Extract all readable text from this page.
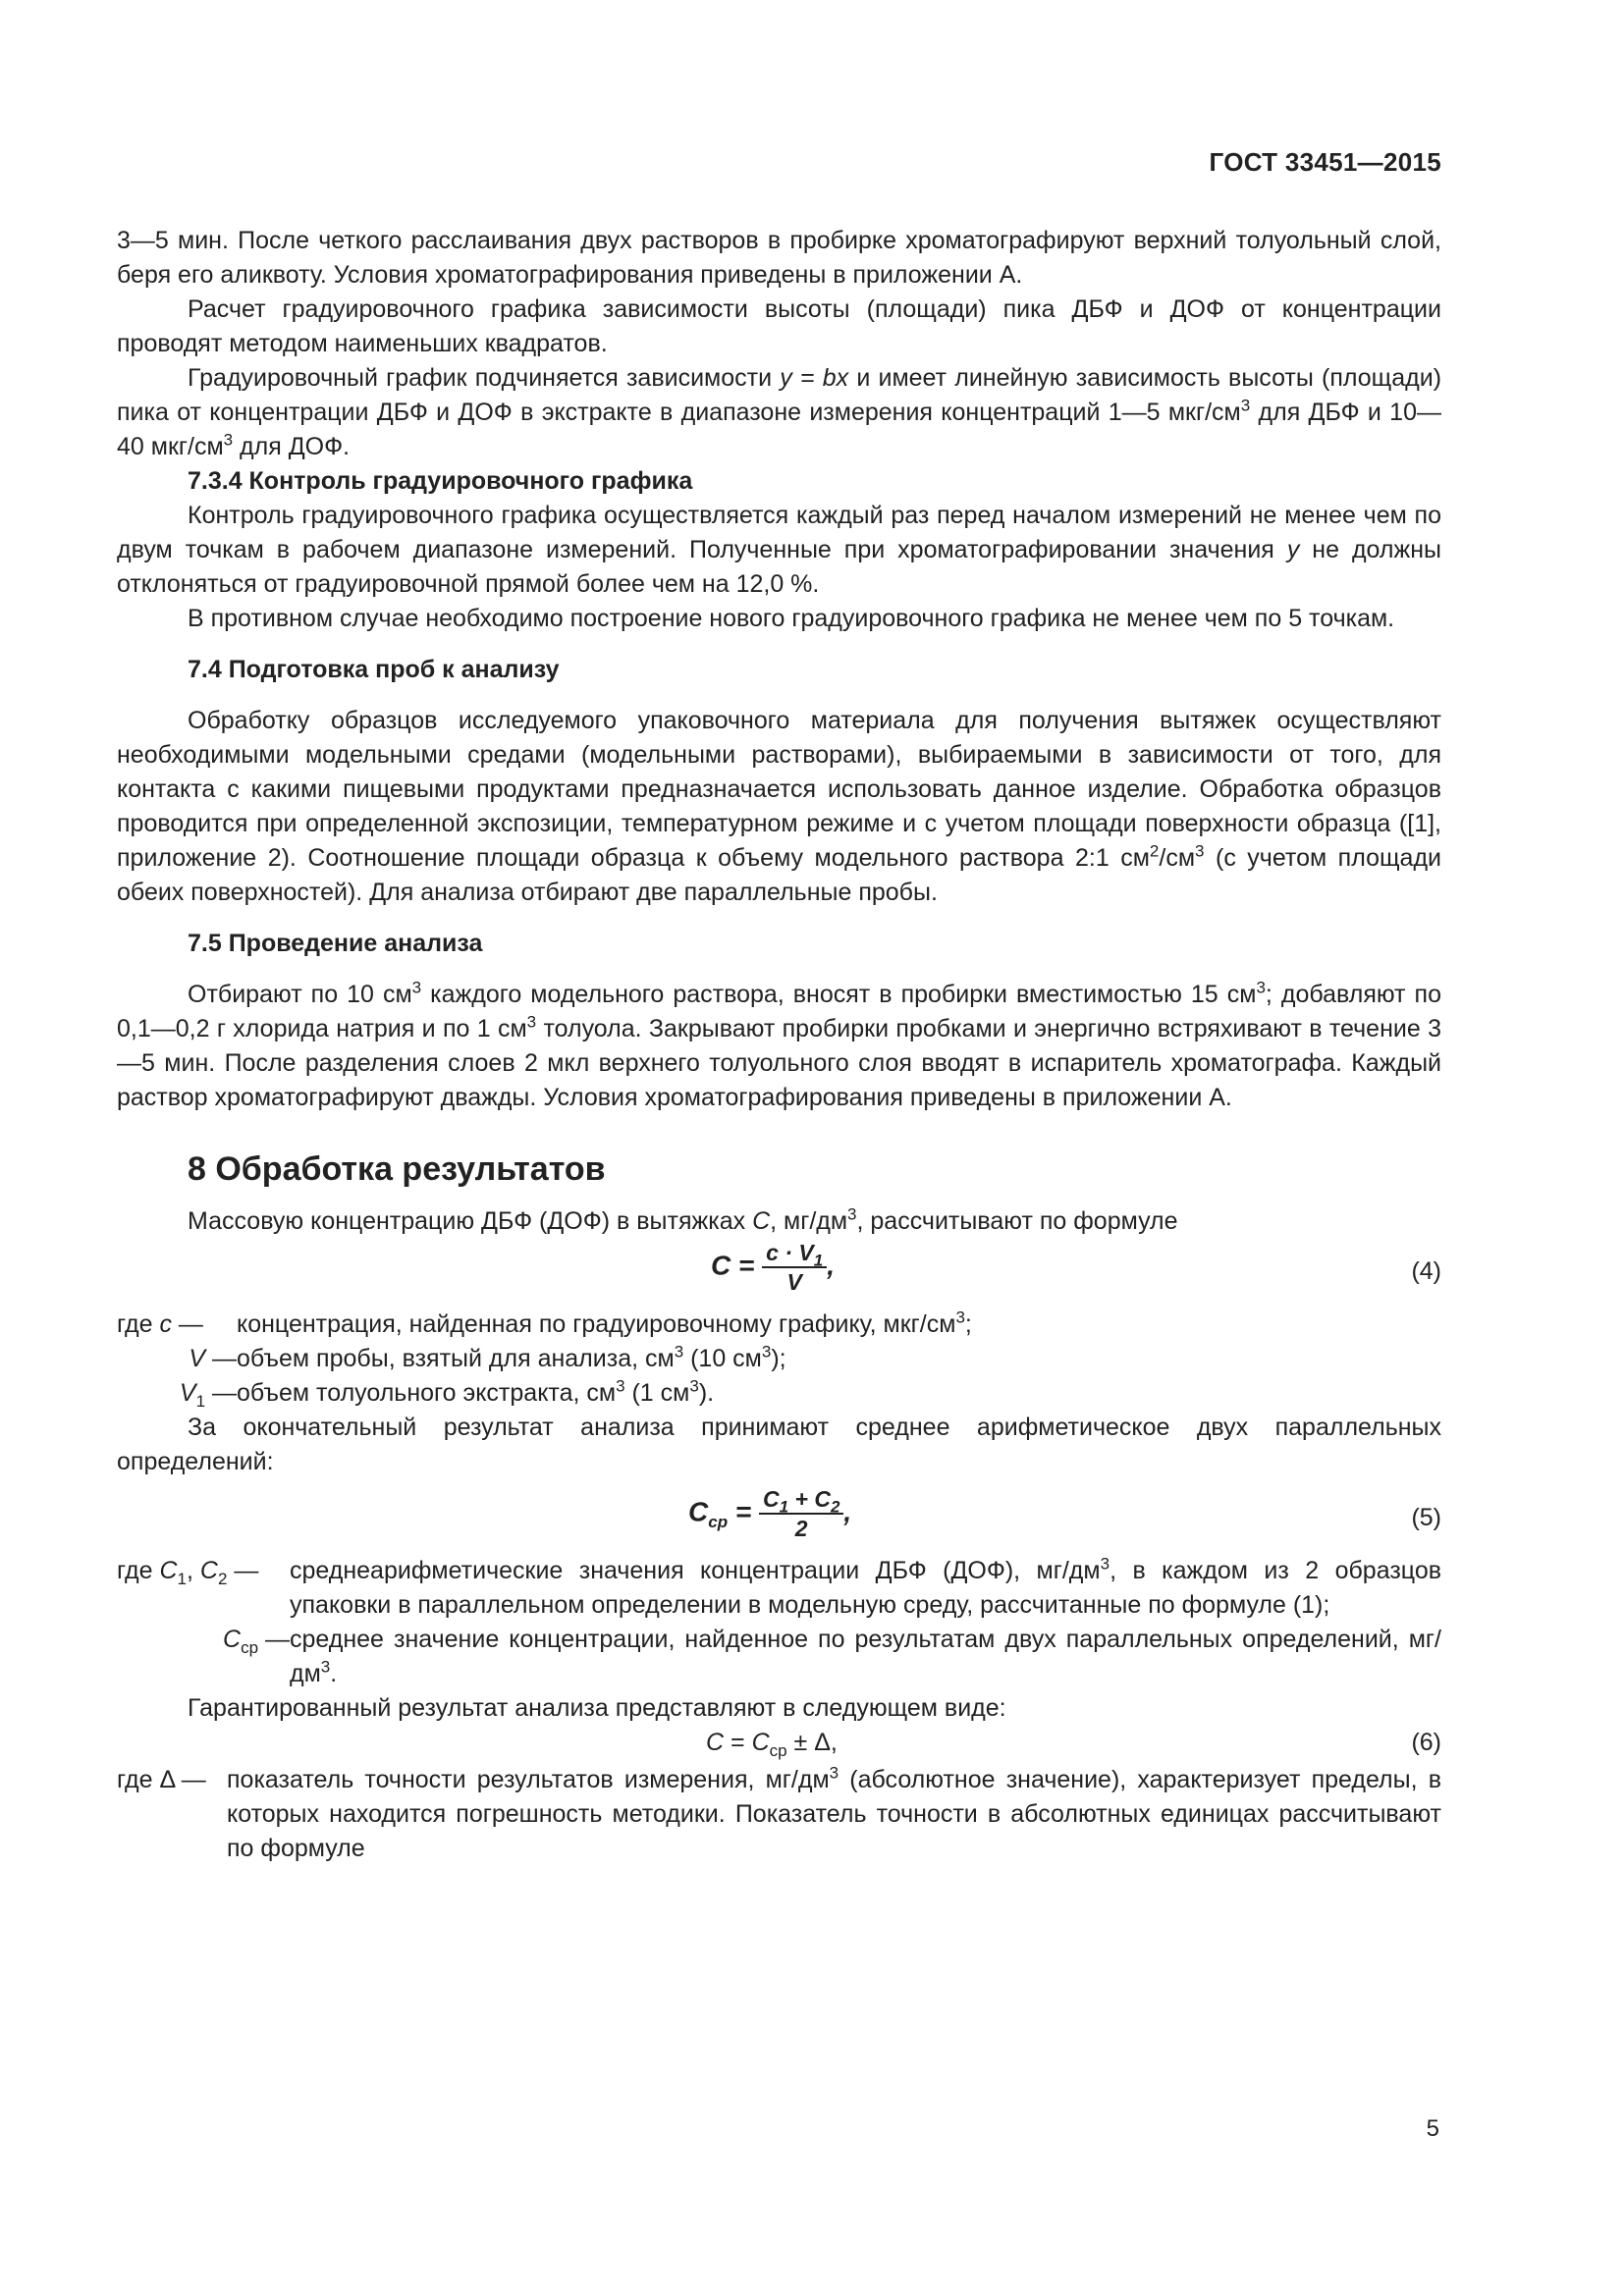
ГОСТ 33451—2015

3—5 мин. После четкого расслаивания двух растворов в пробирке хроматографируют верхний толуольный слой, беря его аликвоту. Условия хроматографирования приведены в приложении А.

Расчет градуировочного графика зависимости высоты (площади) пика ДБФ и ДОФ от концентрации проводят методом наименьших квадратов.

Градуировочный график подчиняется зависимости y = bx и имеет линейную зависимость высоты (площади) пика от концентрации ДБФ и ДОФ в экстракте в диапазоне измерения концентраций 1—5 мкг/$см^3$ для ДБФ и 10—40 мкг/$см^3$ для ДОФ.

7.3.4 Контроль градуировочного графика

Контроль градуировочного графика осуществляется каждый раз перед началом измерений не менее чем по двум точкам в рабочем диапазоне измерений. Полученные при хроматографировании значения y не должны отклоняться от градуировочной прямой более чем на 12,0 %.

В противном случае необходимо построение нового градуировочного графика не менее чем по 5 точкам.

7.4 Подготовка проб к анализу

Обработку образцов исследуемого упаковочного материала для получения вытяжек осуществляют необходимыми модельными средами (модельными растворами), выбираемыми в зависимости от того, для контакта с какими пищевыми продуктами предназначается использовать данное изделие. Обработка образцов проводится при определенной экспозиции, температурном режиме и с учетом площади поверхности образца ([1], приложение 2). Соотношение площади образца к объему модельного раствора 2:1 $см^2/см^3$ (с учетом площади обеих поверхностей). Для анализа отбирают две параллельные пробы.

7.5 Проведение анализа

Отбирают по 10 $см^3$ каждого модельного раствора, вносят в пробирки вместимостью 15 $см^3$; добавляют по 0,1—0,2 г хлорида натрия и по 1 $см^3$ толуола. Закрывают пробирки пробками и энергично встряхивают в течение 3—5 мин. После разделения слоев 2 мкл верхнего толуольного слоя вводят в испаритель хроматографа. Каждый раствор хроматографируют дважды. Условия хроматографирования приведены в приложении А.

8 Обработка результатов

Массовую концентрацию ДБФ (ДОФ) в вытяжках С, $мг/дм^3$, рассчитывают по формуле

$C = \frac{c \cdot V_1}{V}$ ,	(4)
где c —	концентрация, найденная по градуировочному графику, мкг/$см^3$;
V — объем пробы, взятый для анализа, $см^3$ (10 $см^3$);
$V_1$ — объем толуольного экстракта, $см^3$ (1 $см^3$).

За окончательный результат анализа принимают среднее арифметическое двух параллельных определений:

$C_{ср} = \frac{C_1 + C_2}{2}$ ,	(5)
где $C_1$, $C_2$ —	среднеарифметические значения концентрации ДБФ (ДОФ), $мг/дм^3$, в каждом из 2 образцов упаковки в параллельном определении в модельную среду, рассчитанные по формуле (1);
$C_{ср}$ — среднее значение концентрации, найденное по результатам двух параллельных определений, $мг/дм^3$.

Гарантированный результат анализа представляют в следующем виде:

$C = C_{ср} \pm \Delta$,	(6)
где Δ — показатель точности результатов измерения, $мг/дм^3$ (абсолютное значение), характеризует пределы, в которых находится погрешность методики. Показатель точности в абсолютных единицах рассчитывают по формуле
5
